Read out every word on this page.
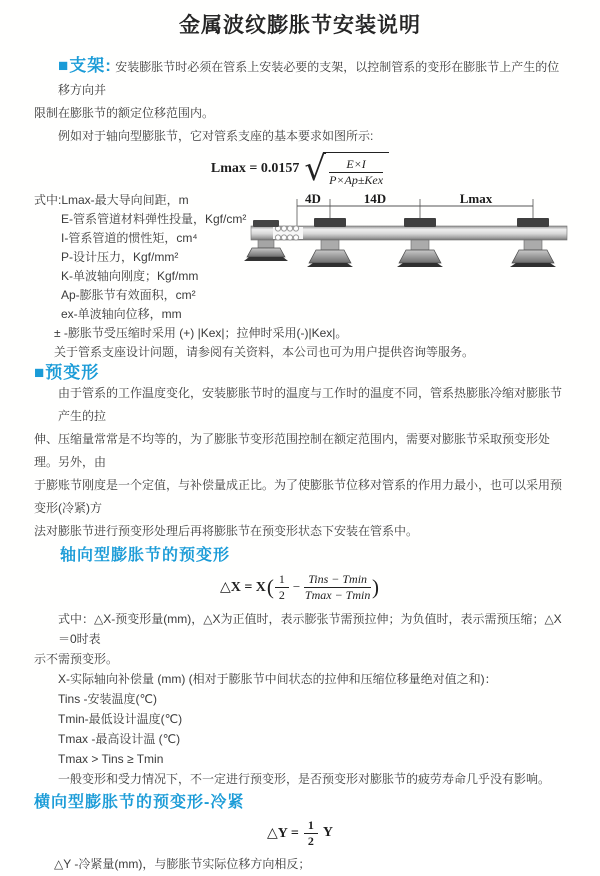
金属波纹膨胀节安装说明
■支架: 安装膨胀节时必须在管系上安装必要的支架，以控制管系的变形在膨胀节上产生的位移方向并
限制在膨胀节的额定位移范围内。
例如对于轴向型膨胀节，它对管系支座的基本要求如图所示:
Lmax = 0.0157 √ $\frac{E\times I}{\text{P×Ap±Kex}}$
式中:Lmax-最大导向间距，m
E-管系管道材料弹性投量，Kgf/cm²
I-管系管道的惯性矩，cm⁴
P-设计压力，Kgf/mm²
K-单波轴向刚度；Kgf/mm
Ap-膨胀节有效面积，cm²
ex-单波轴向位移，mm
± -膨胀节受压缩时采用 (+) |Kex|；拉伸时采用(-)|Kex|。
关于管系支座设计问题，请参阅有关资料，本公司也可为用户提供咨询等服务。
4D	14D	Lmax
■预变形
由于管系的工作温度变化，安装膨胀节时的温度与工作时的温度不同，管系热膨胀冷缩对膨胀节产生的拉
伸、压缩量常常是不均等的，为了膨胀节变形范围控制在额定范围内，需要对膨胀节采取预变形处理。另外，由
于膨账节刚度是一个定值，与补偿量成正比。为了使膨胀节位移对管系的作用力最小，也可以采用预变形(冷紧)方
法对膨胀节进行预变形处理后再将膨胀节在预变形状态下安装在管系中。
轴向型膨胀节的预变形
△X = X ( $\frac{1}{2} - \frac{\text{Tins − Tmin}}{Tmax - Tmin}$ )
式中：△X-预变形量(mm)，△X为正值时，表示膨张节需预拉伸；为负值时，表示需预压缩；△X＝0时表
示不需预变形。
X-实际轴向补偿量 (mm) (相对于膨胀节中间状态的拉伸和压缩位移量绝对值之和)：
Tins -安装温度(℃)
Tmin-最低设计温度(℃)
Tmax -最高设计温 (℃)
Tmax > Tins ≥ Tmin
一般变形和受力情况下，不一定进行预变形，是否预变形对膨胀节的疲劳寿命几乎没有影响。
横向型膨胀节的预变形-冷紧
△Y = $\frac{1}{2}$ Y
△Y -冷紧量(mm)，与膨胀节实际位移方向相反；
